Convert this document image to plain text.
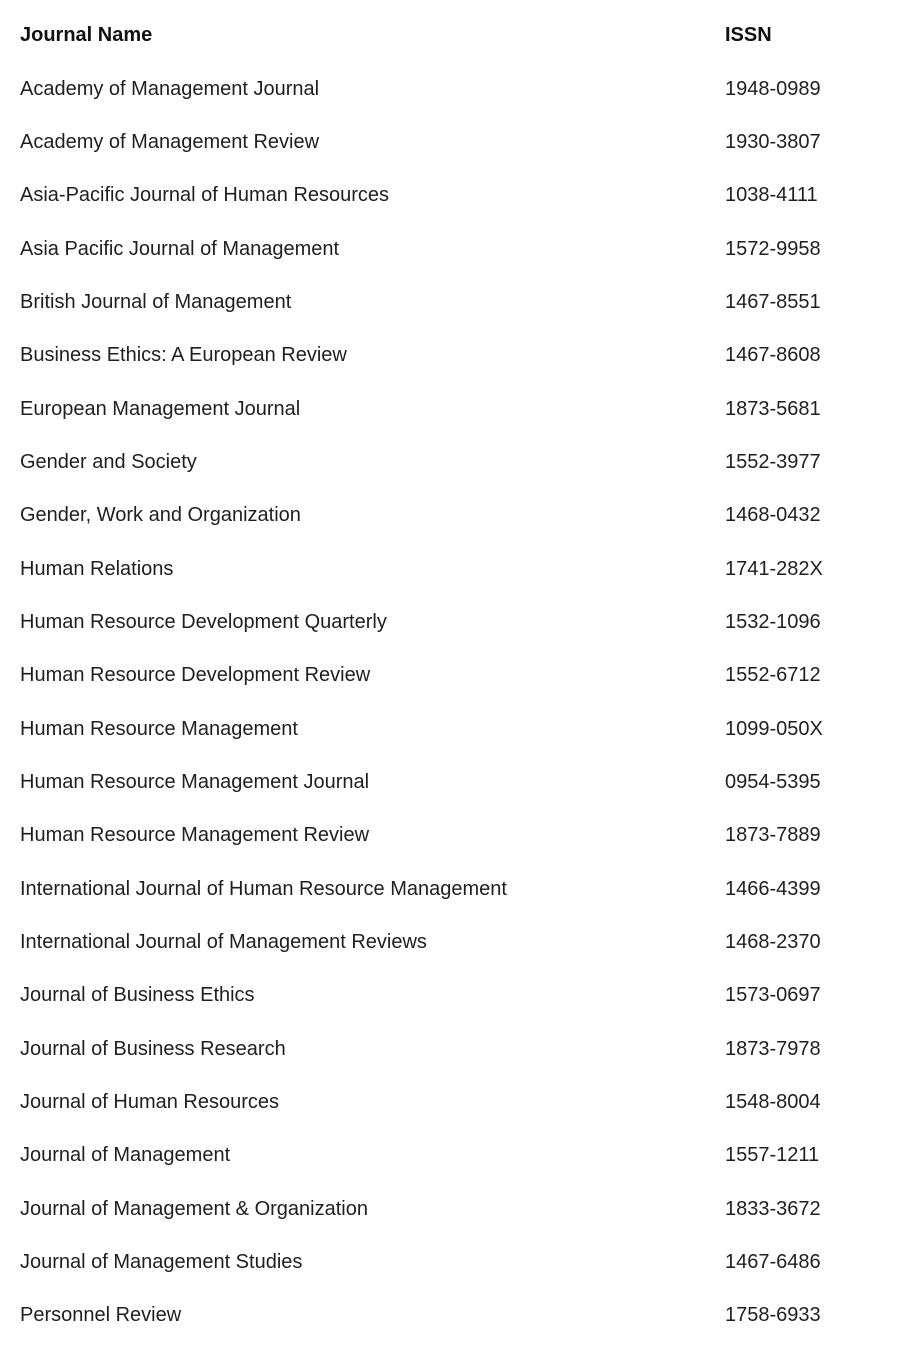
Journal Name	ISSN
Academy of Management Journal	1948-0989
Academy of Management Review	1930-3807
Asia-Pacific Journal of Human Resources	1038-4111
Asia Pacific Journal of Management	1572-9958
British Journal of Management	1467-8551
Business Ethics: A European Review	1467-8608
European Management Journal	1873-5681
Gender and Society	1552-3977
Gender, Work and Organization	1468-0432
Human Relations	1741-282X
Human Resource Development Quarterly	1532-1096
Human Resource Development Review	1552-6712
Human Resource Management	1099-050X
Human Resource Management Journal	0954-5395
Human Resource Management Review	1873-7889
International Journal of Human Resource Management	1466-4399
International Journal of Management Reviews	1468-2370
Journal of Business Ethics	1573-0697
Journal of Business Research	1873-7978
Journal of Human Resources	1548-8004
Journal of Management	1557-1211
Journal of Management & Organization	1833-3672
Journal of Management Studies	1467-6486
Personnel Review	1758-6933
